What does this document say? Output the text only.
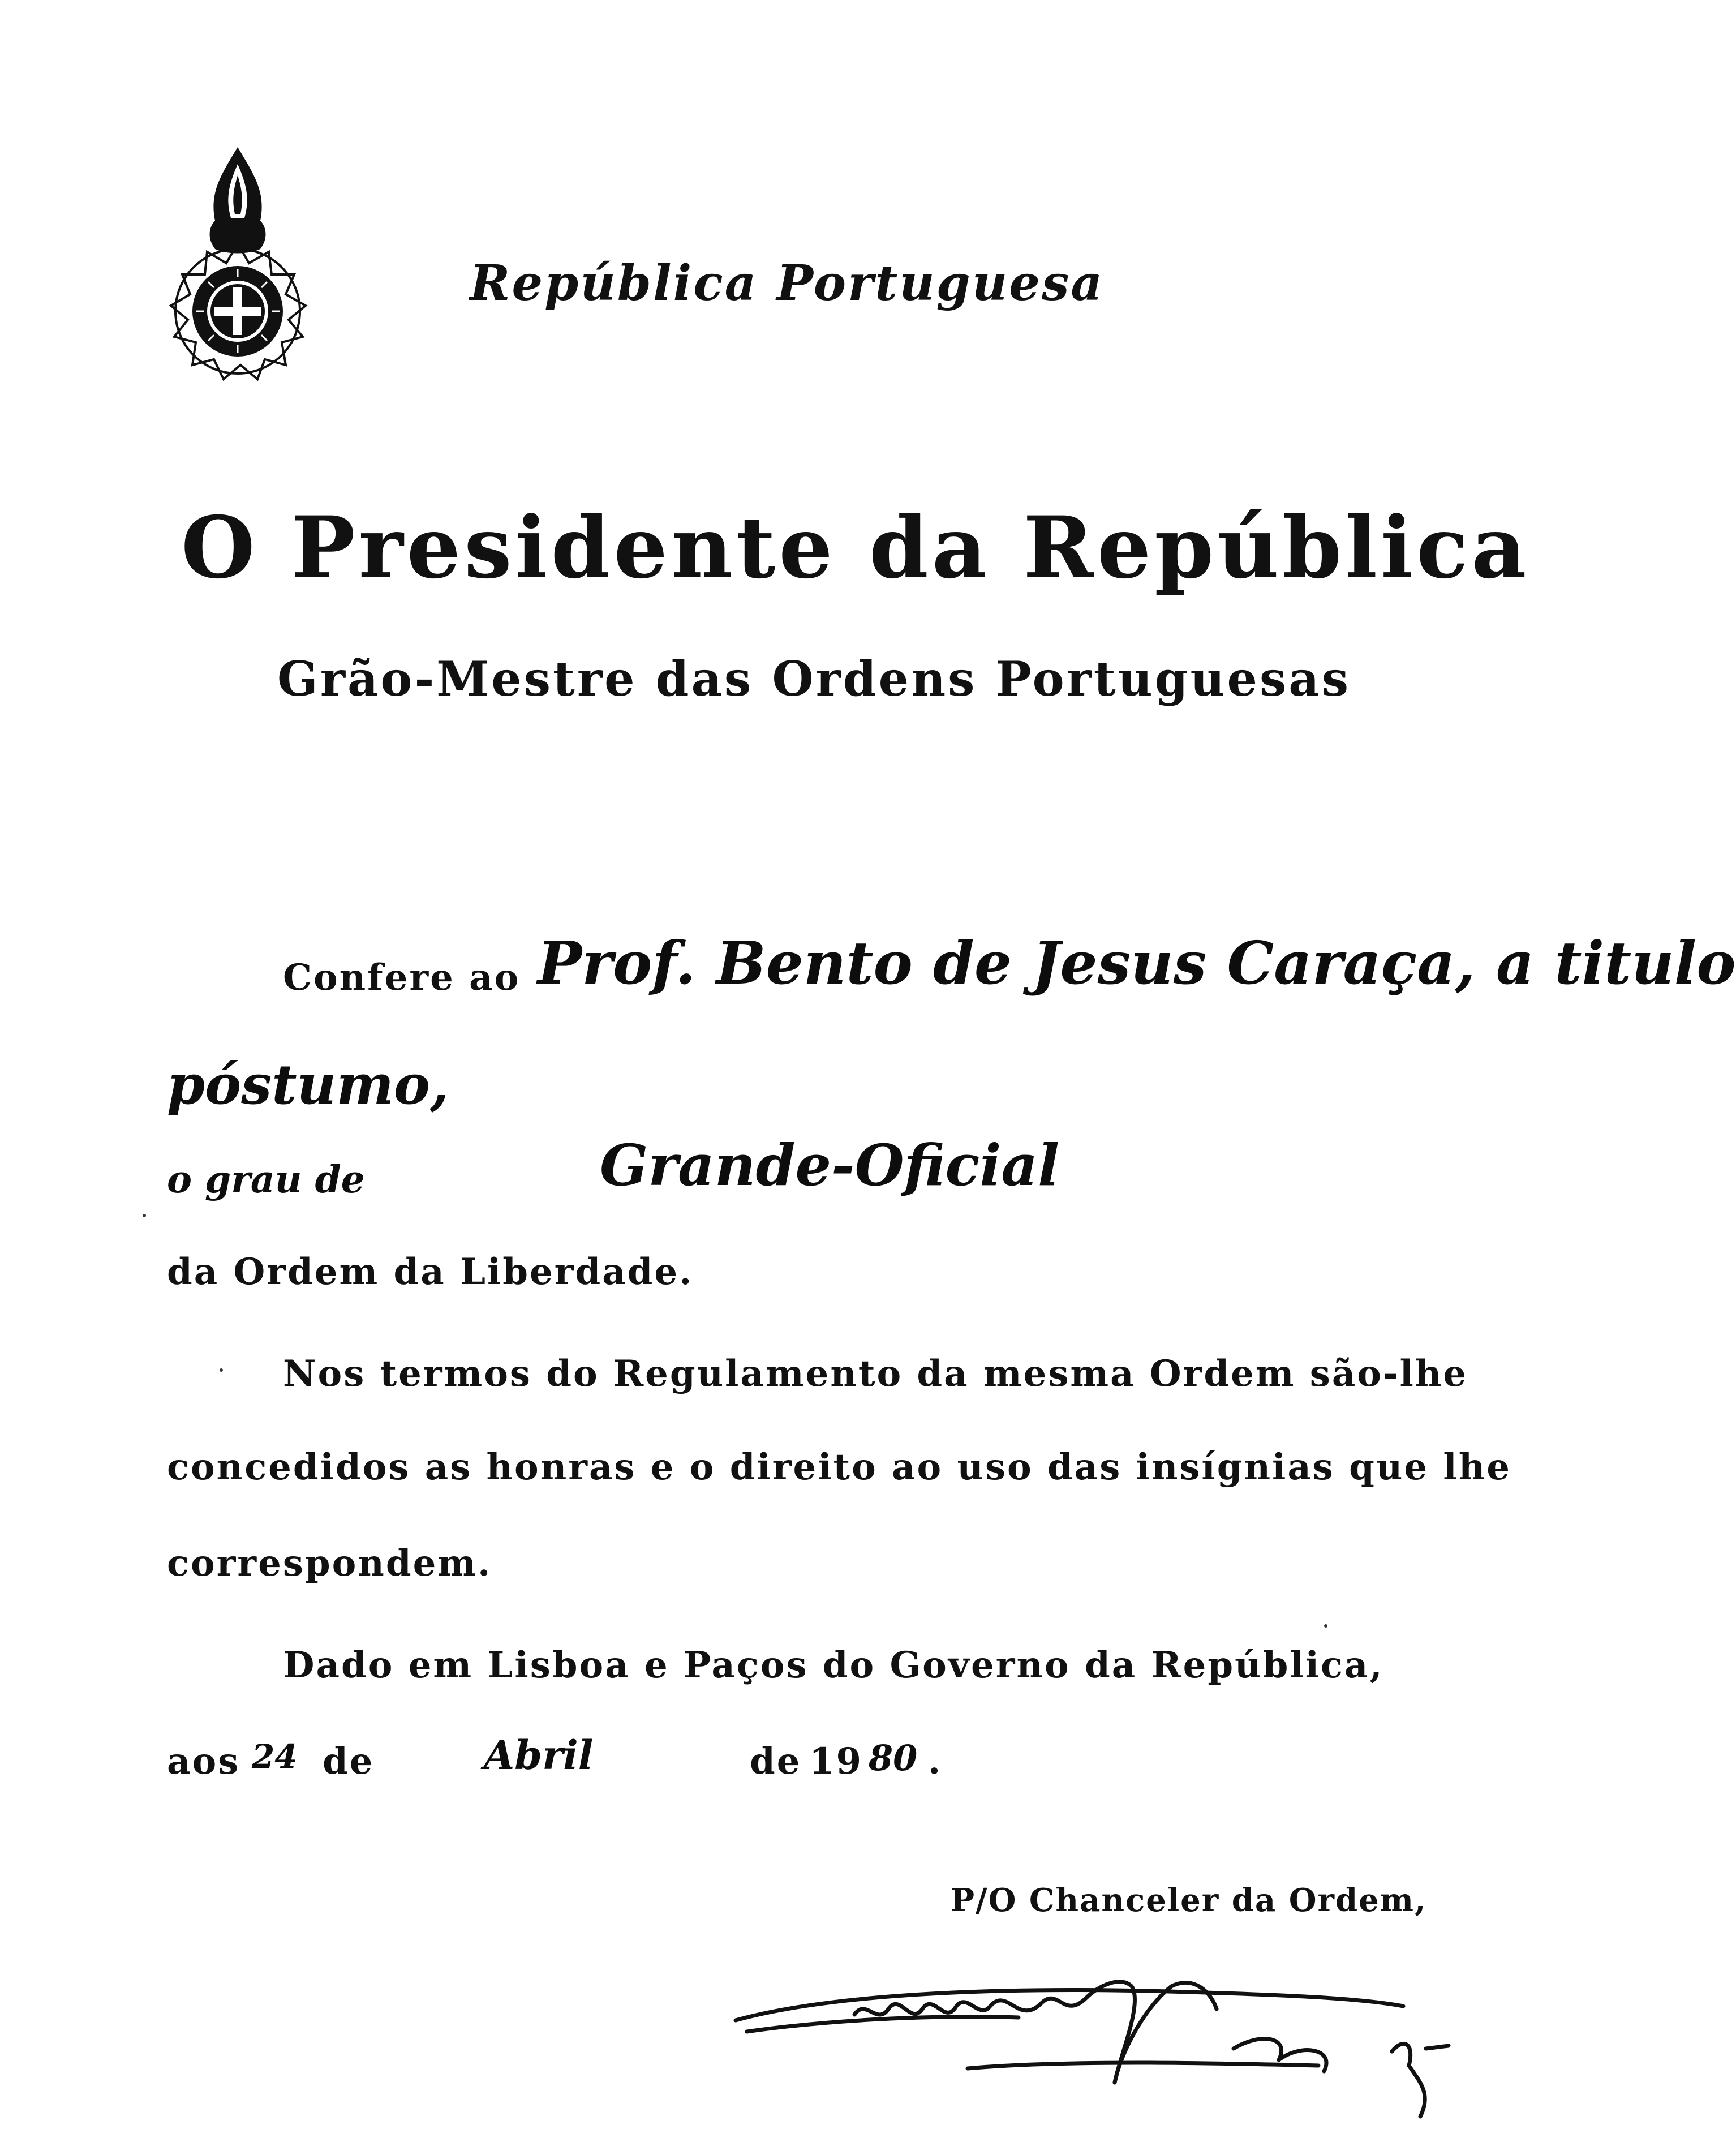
República Portuguesa
O Presidente da República
Grão-Mestre das Ordens Portuguesas
Confere ao Prof. Bento de Jesus Caraça, a titulo
póstumo,
o grau de	Grande-Oficial
da Ordem da Liberdade.
Nos termos do Regulamento da mesma Ordem são-lhe
concedidos as honras e o direito ao uso das insígnias que lhe
correspondem.
Dado em Lisboa e Paços do Governo da República,
aos 24 de	Abril	de 19 80 .
P/O Chanceler da Ordem,
